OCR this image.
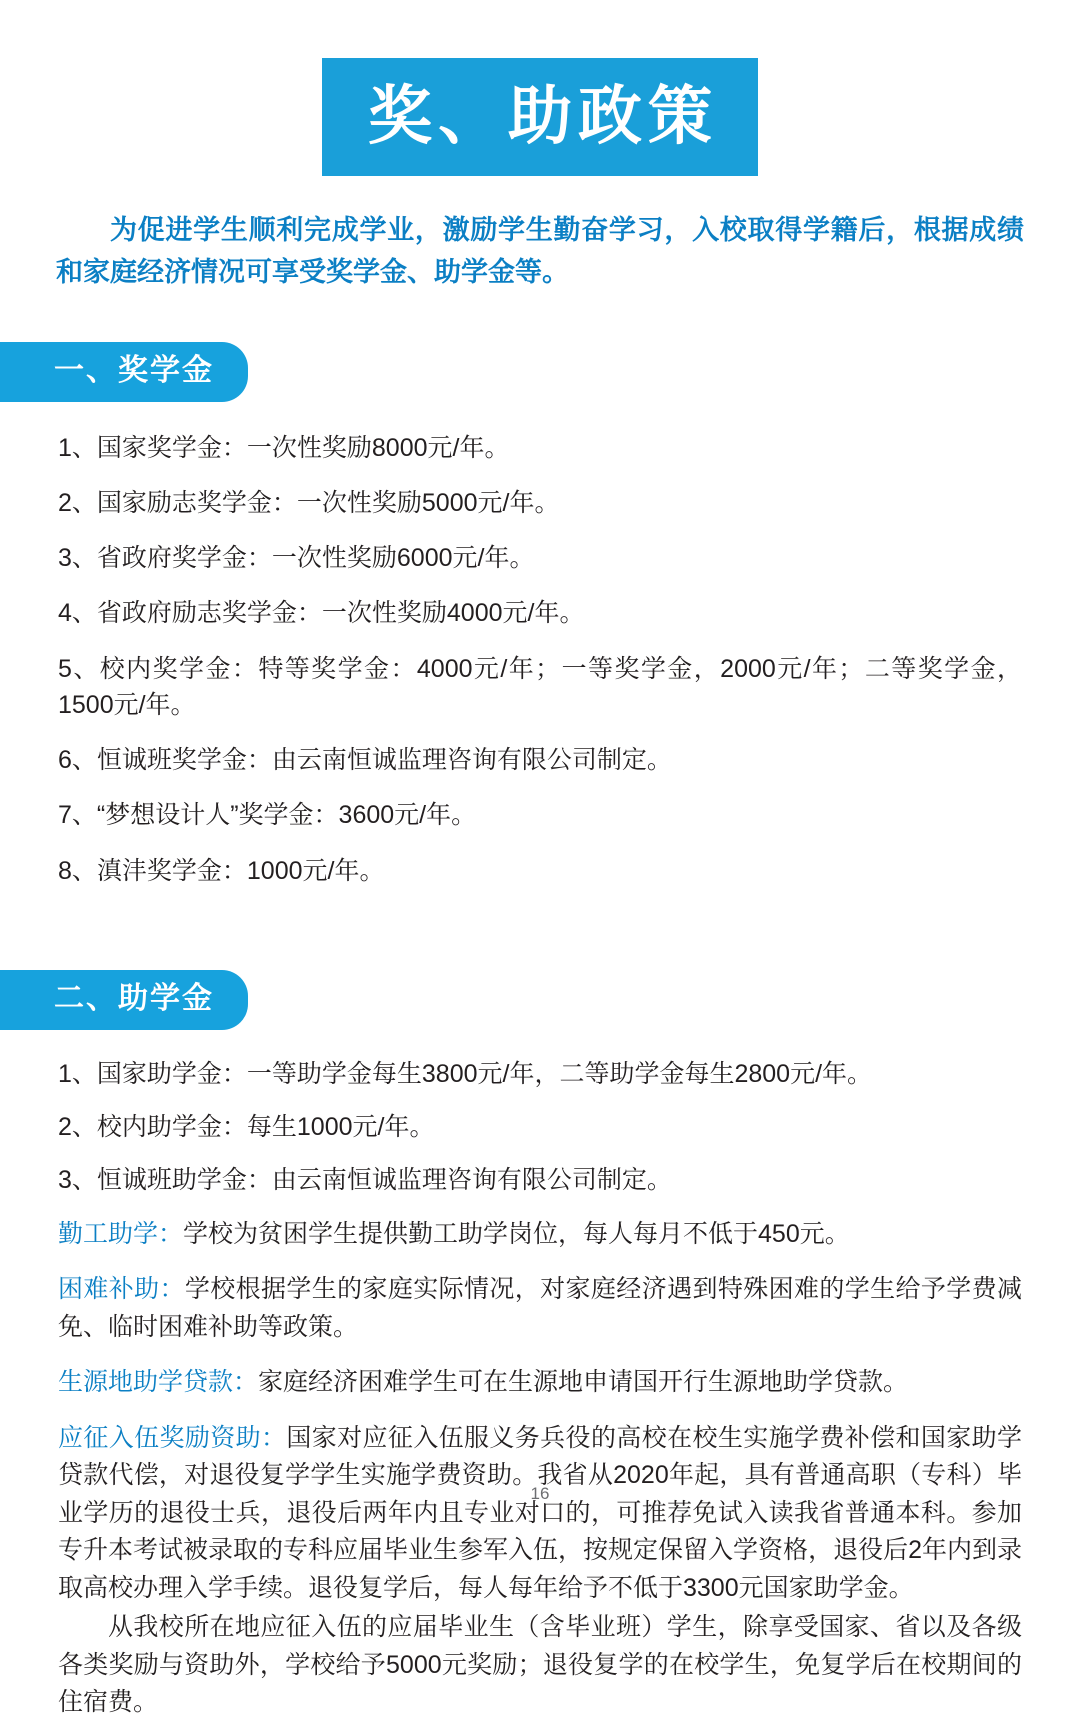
奖、助政策
为促进学生顺利完成学业，激励学生勤奋学习，入校取得学籍后，根据成绩和家庭经济情况可享受奖学金、助学金等。
一、奖学金
1、国家奖学金：一次性奖励8000元/年。
2、国家励志奖学金：一次性奖励5000元/年。
3、省政府奖学金：一次性奖励6000元/年。
4、省政府励志奖学金：一次性奖励4000元/年。
5、校内奖学金：特等奖学金：4000元/年；一等奖学金，2000元/年；二等奖学金，1500元/年。
6、恒诚班奖学金：由云南恒诚监理咨询有限公司制定。
7、“梦想设计人”奖学金：3600元/年。
8、滇沣奖学金：1000元/年。
二、助学金
1、国家助学金：一等助学金每生3800元/年，二等助学金每生2800元/年。
2、校内助学金：每生1000元/年。
3、恒诚班助学金：由云南恒诚监理咨询有限公司制定。
勤工助学：学校为贫困学生提供勤工助学岗位，每人每月不低于450元。
困难补助：学校根据学生的家庭实际情况，对家庭经济遇到特殊困难的学生给予学费减免、临时困难补助等政策。
生源地助学贷款：家庭经济困难学生可在生源地申请国开行生源地助学贷款。
应征入伍奖励资助：国家对应征入伍服义务兵役的高校在校生实施学费补偿和国家助学贷款代偿，对退役复学学生实施学费资助。我省从2020年起，具有普通高职（专科）毕业学历的退役士兵，退役后两年内且专业对口的，可推荐免试入读我省普通本科。参加专升本考试被录取的专科应届毕业生参军入伍，按规定保留入学资格，退役后2年内到录取高校办理入学手续。退役复学后，每人每年给予不低于3300元国家助学金。
从我校所在地应征入伍的应届毕业生（含毕业班）学生，除享受国家、省以及各级各类奖励与资助外，学校给予5000元奖励；退役复学的在校学生，免复学后在校期间的住宿费。
16
